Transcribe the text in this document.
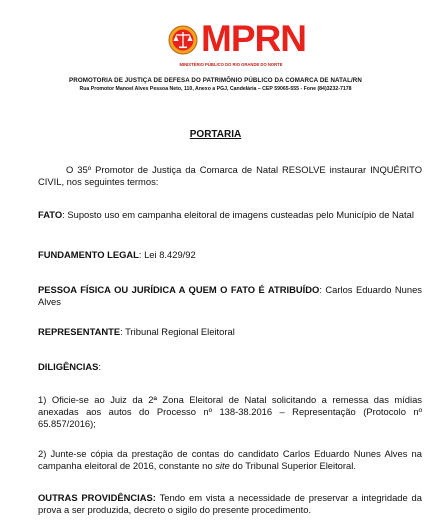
MPRN
MINISTÉRIO PÚBLICO DO RIO GRANDE DO NORTE
PROMOTORIA DE JUSTIÇA DE DEFESA DO PATRIMÔNIO PÚBLICO DA COMARCA DE NATAL/RN
Rua Promotor Manoel Alves Pessoa Neto, 110, Anexo a PGJ, Candelária – CEP 59065-555 - Fone (84)3232-7178
PORTARIA
O 35º Promotor de Justiça da Comarca de Natal RESOLVE instaurar INQUÉRITO CIVIL, nos seguintes termos:
FATO: Suposto uso em campanha eleitoral de imagens custeadas pelo Município de Natal
FUNDAMENTO LEGAL: Lei 8.429/92
PESSOA FÍSICA OU JURÍDICA A QUEM O FATO É ATRIBUÍDO: Carlos Eduardo Nunes Alves
REPRESENTANTE: Tribunal Regional Eleitoral
DILIGÊNCIAS:
1) Oficie-se ao Juiz da 2ª Zona Eleitoral de Natal solicitando a remessa das mídias anexadas aos autos do Processo nº 138-38.2016 – Representação (Protocolo nº 65.857/2016);
2) Junte-se cópia da prestação de contas do candidato Carlos Eduardo Nunes Alves na campanha eleitoral de 2016, constante no site do Tribunal Superior Eleitoral.
OUTRAS PROVIDÊNCIAS: Tendo em vista a necessidade de preservar a integridade da prova a ser produzida, decreto o sigilo do presente procedimento.
